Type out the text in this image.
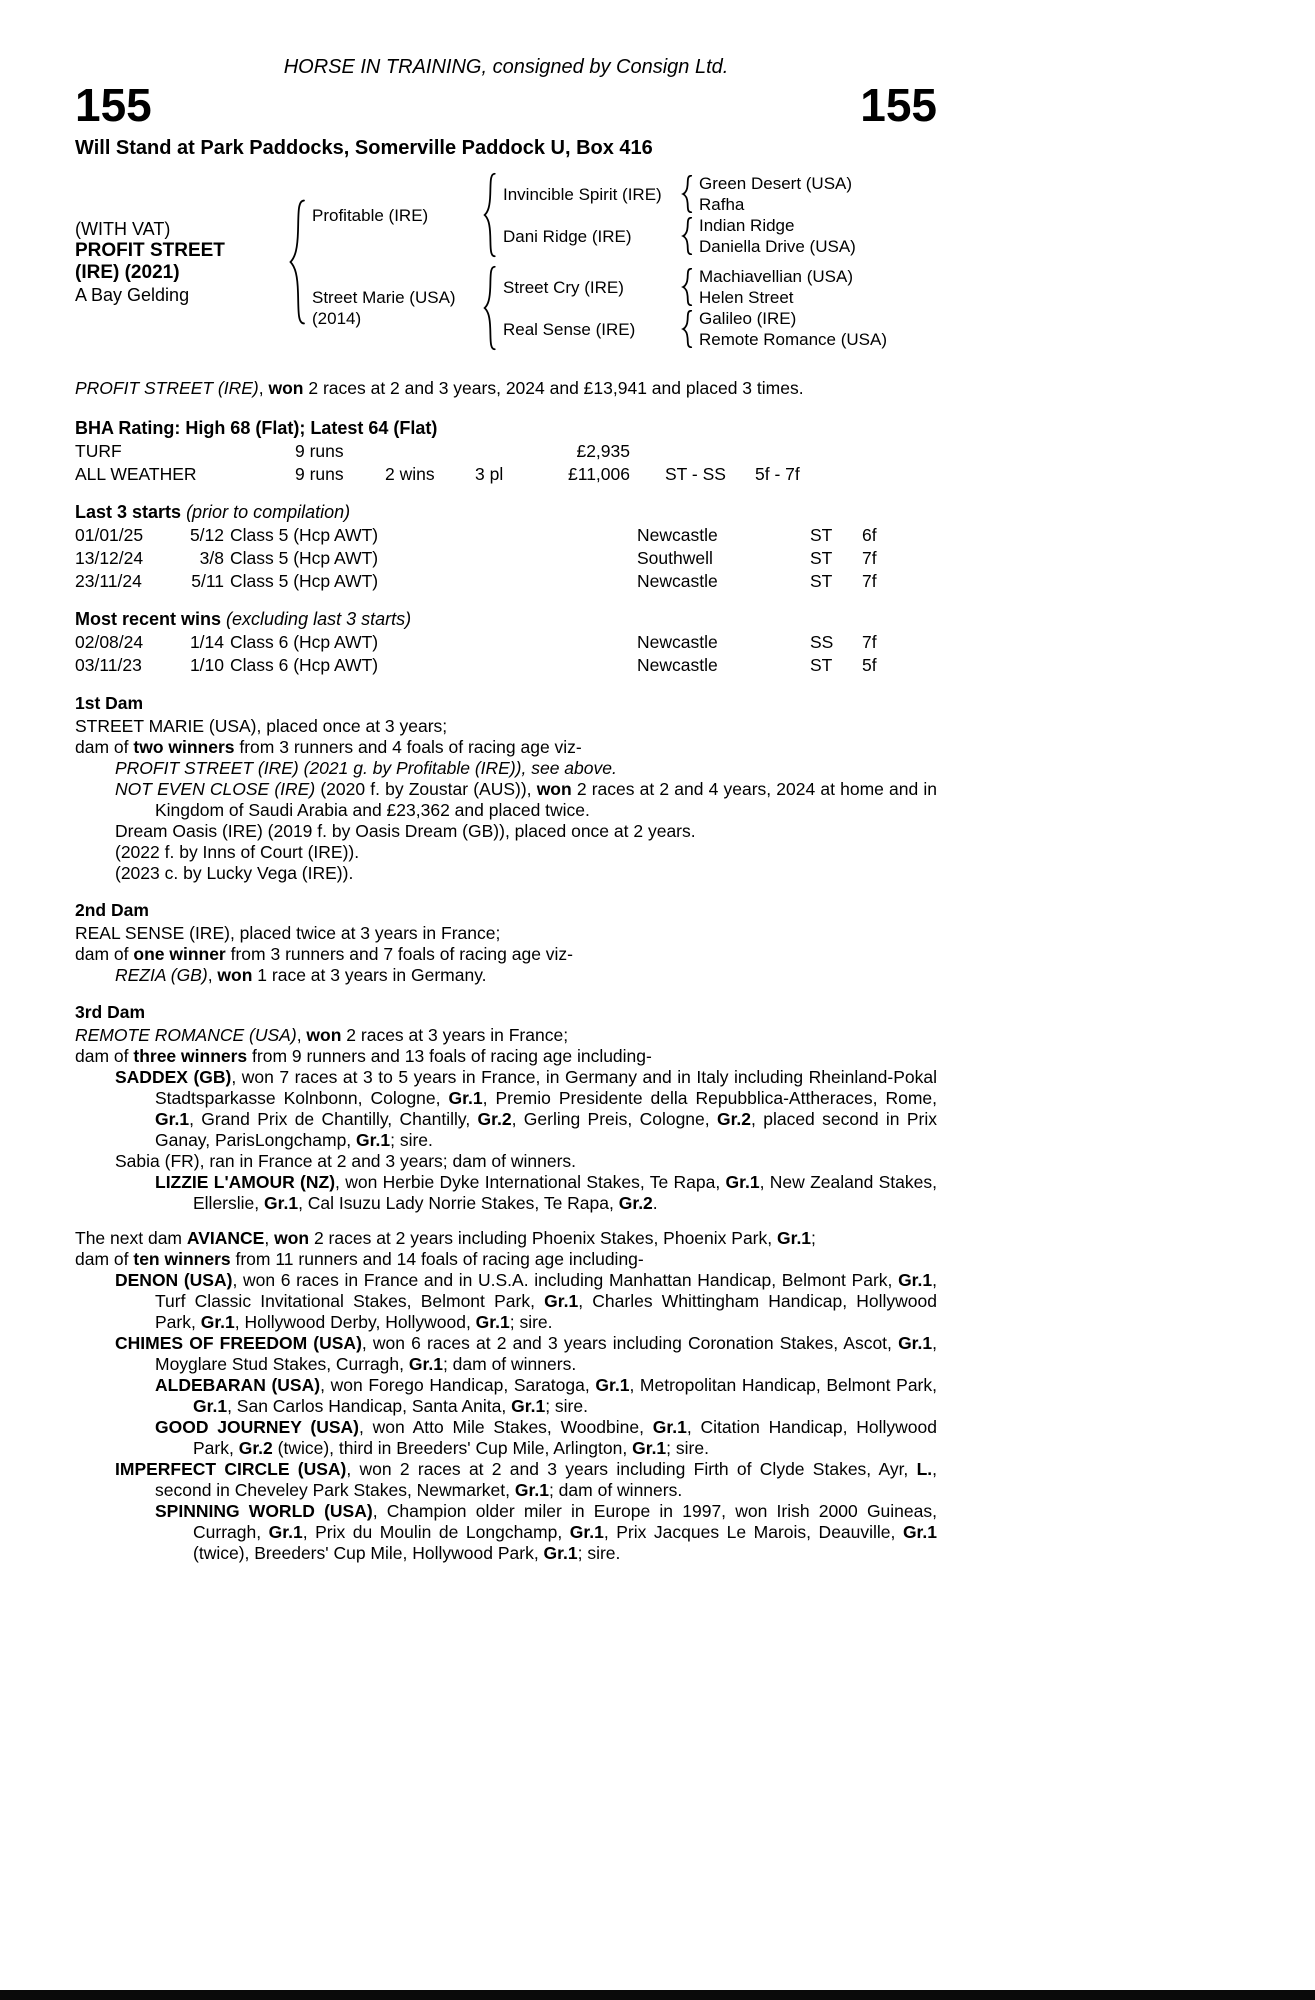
HORSE IN TRAINING, consigned by Consign Ltd.
155	155
Will Stand at Park Paddocks, Somerville Paddock U, Box 416
(WITH VAT)
PROFIT STREET
(IRE) (2021)
A Bay Gelding
Profitable (IRE)
Invincible Spirit (IRE)
Green Desert (USA)
Rafha
Dani Ridge (IRE)
Indian Ridge
Daniella Drive (USA)
Street Marie (USA)
(2014)
Street Cry (IRE)
Machiavellian (USA)
Helen Street
Real Sense (IRE)
Galileo (IRE)
Remote Romance (USA)

PROFIT STREET (IRE), won 2 races at 2 and 3 years, 2024 and £13,941 and placed 3 times.

BHA Rating: High 68 (Flat); Latest 64 (Flat)
TURF	9 runs	£2,935
ALL WEATHER	9 runs	2 wins	3 pl	£11,006	ST - SS	5f - 7f
Last 3 starts (prior to compilation)
01/01/25	5/12 Class 5 (Hcp AWT)	Newcastle	ST	6f
13/12/24	3/8 Class 5 (Hcp AWT)	Southwell	ST	7f
23/11/24	5/11 Class 5 (Hcp AWT)	Newcastle	ST	7f
Most recent wins (excluding last 3 starts)
02/08/24	1/14 Class 6 (Hcp AWT)	Newcastle	SS	7f
03/11/23	1/10 Class 6 (Hcp AWT)	Newcastle	ST	5f
1st Dam

STREET MARIE (USA), placed once at 3 years;

dam of two winners from 3 runners and 4 foals of racing age viz-

PROFIT STREET (IRE) (2021 g. by Profitable (IRE)), see above.

NOT EVEN CLOSE (IRE) (2020 f. by Zoustar (AUS)), won 2 races at 2 and 4 years, 2024 at home and in Kingdom of Saudi Arabia and £23,362 and placed twice.

Dream Oasis (IRE) (2019 f. by Oasis Dream (GB)), placed once at 2 years.

(2022 f. by Inns of Court (IRE)).

(2023 c. by Lucky Vega (IRE)).

2nd Dam

REAL SENSE (IRE), placed twice at 3 years in France;

dam of one winner from 3 runners and 7 foals of racing age viz-

REZIA (GB), won 1 race at 3 years in Germany.

3rd Dam

REMOTE ROMANCE (USA), won 2 races at 3 years in France;

dam of three winners from 9 runners and 13 foals of racing age including-

SADDEX (GB), won 7 races at 3 to 5 years in France, in Germany and in Italy including Rheinland-Pokal Stadtsparkasse Kolnbonn, Cologne, Gr.1, Premio Presidente della Repubblica-Attheraces, Rome, Gr.1, Grand Prix de Chantilly, Chantilly, Gr.2, Gerling Preis, Cologne, Gr.2, placed second in Prix Ganay, ParisLongchamp, Gr.1; sire.

Sabia (FR), ran in France at 2 and 3 years; dam of winners.

LIZZIE L'AMOUR (NZ), won Herbie Dyke International Stakes, Te Rapa, Gr.1, New Zealand Stakes, Ellerslie, Gr.1, Cal Isuzu Lady Norrie Stakes, Te Rapa, Gr.2.

The next dam AVIANCE, won 2 races at 2 years including Phoenix Stakes, Phoenix Park, Gr.1;

dam of ten winners from 11 runners and 14 foals of racing age including-

DENON (USA), won 6 races in France and in U.S.A. including Manhattan Handicap, Belmont Park, Gr.1, Turf Classic Invitational Stakes, Belmont Park, Gr.1, Charles Whittingham Handicap, Hollywood Park, Gr.1, Hollywood Derby, Hollywood, Gr.1; sire.

CHIMES OF FREEDOM (USA), won 6 races at 2 and 3 years including Coronation Stakes, Ascot, Gr.1, Moyglare Stud Stakes, Curragh, Gr.1; dam of winners.

ALDEBARAN (USA), won Forego Handicap, Saratoga, Gr.1, Metropolitan Handicap, Belmont Park, Gr.1, San Carlos Handicap, Santa Anita, Gr.1; sire.

GOOD JOURNEY (USA), won Atto Mile Stakes, Woodbine, Gr.1, Citation Handicap, Hollywood Park, Gr.2 (twice), third in Breeders' Cup Mile, Arlington, Gr.1; sire.

IMPERFECT CIRCLE (USA), won 2 races at 2 and 3 years including Firth of Clyde Stakes, Ayr, L., second in Cheveley Park Stakes, Newmarket, Gr.1; dam of winners.

SPINNING WORLD (USA), Champion older miler in Europe in 1997, won Irish 2000 Guineas, Curragh, Gr.1, Prix du Moulin de Longchamp, Gr.1, Prix Jacques Le Marois, Deauville, Gr.1 (twice), Breeders' Cup Mile, Hollywood Park, Gr.1; sire.
